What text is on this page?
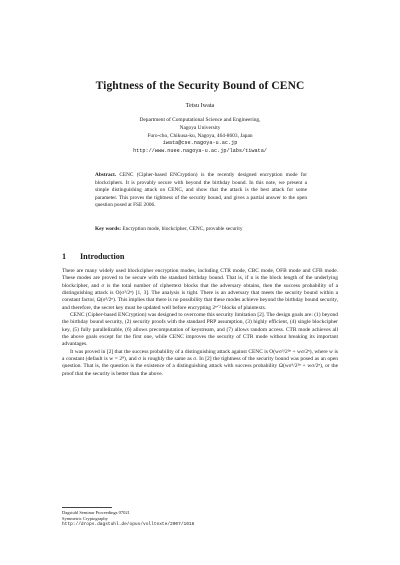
Tightness of the Security Bound of CENC
Tetsu Iwata
Department of Computational Science and Engineering,
Nagoya University
Furo-cho, Chikusa-ku, Nagoya, 464-8603, Japan
iwata@cse.nagoya-u.ac.jp
http://www.nuee.nagoya-u.ac.jp/labs/tiwata/
Abstract. CENC (Cipher-based ENCryption) is the recently designed encryption mode for blockciphers. It is provably secure with beyond the birthday bound. In this note, we present a simple distinguishing attack on CENC, and show that the attack is the best attack for some parameter. This proves the tightness of the security bound, and gives a partial answer to the open question posed at FSE 2006.
Key words: Encryption mode, blockcipher, CENC, provable security
1 Introduction

There are many widely used blockcipher encryption modes, including CTR mode, CBC mode, OFB mode and CFB mode. These modes are proved to be secure with the standard birthday bound. That is, if n is the block length of the underlying blockcipher, and σ is the total number of ciphertext blocks that the adversary obtains, then the success probability of a distinguishing attack is O(σ²/2ⁿ) [1, 3]. The analysis is tight. There is an adversary that meets the security bound within a constant factor, Ω(σ²/2ⁿ). This implies that there is no possibility that these modes achieve beyond the birthday bound security, and therefore, the secret key must be updated well before encrypting 2ⁿᐟ² blocks of plaintexts.

CENC (Cipher-based ENCryption) was designed to overcome this security limitation [2]. The design goals are: (1) beyond the birthday bound security, (2) security proofs with the standard PRP assumption, (3) highly efficient, (4) single blockcipher key, (5) fully parallelizable, (6) allows precomputation of keystream, and (7) allows random access. CTR mode achieves all the above goals except for the first one, while CENC improves the security of CTR mode without breaking its important advantages.

It was proved in [2] that the success probability of a distinguishing attack against CENC is O(wσ³/2²ⁿ + wσ/2ⁿ), where w is a constant (default is w = 2⁸), and σ is roughly the same as σ. In [2] the tightness of the security bound was posed as an open question. That is, the question is the existence of a distinguishing attack with success probability Ω(wσ³/2²ⁿ + wσ/2ⁿ), or the proof that the security is better than the above.

Dagstuhl Seminar Proceedings 07021
Symmetric Cryptography
http://drops.dagstuhl.de/opus/volltexte/2007/1016
